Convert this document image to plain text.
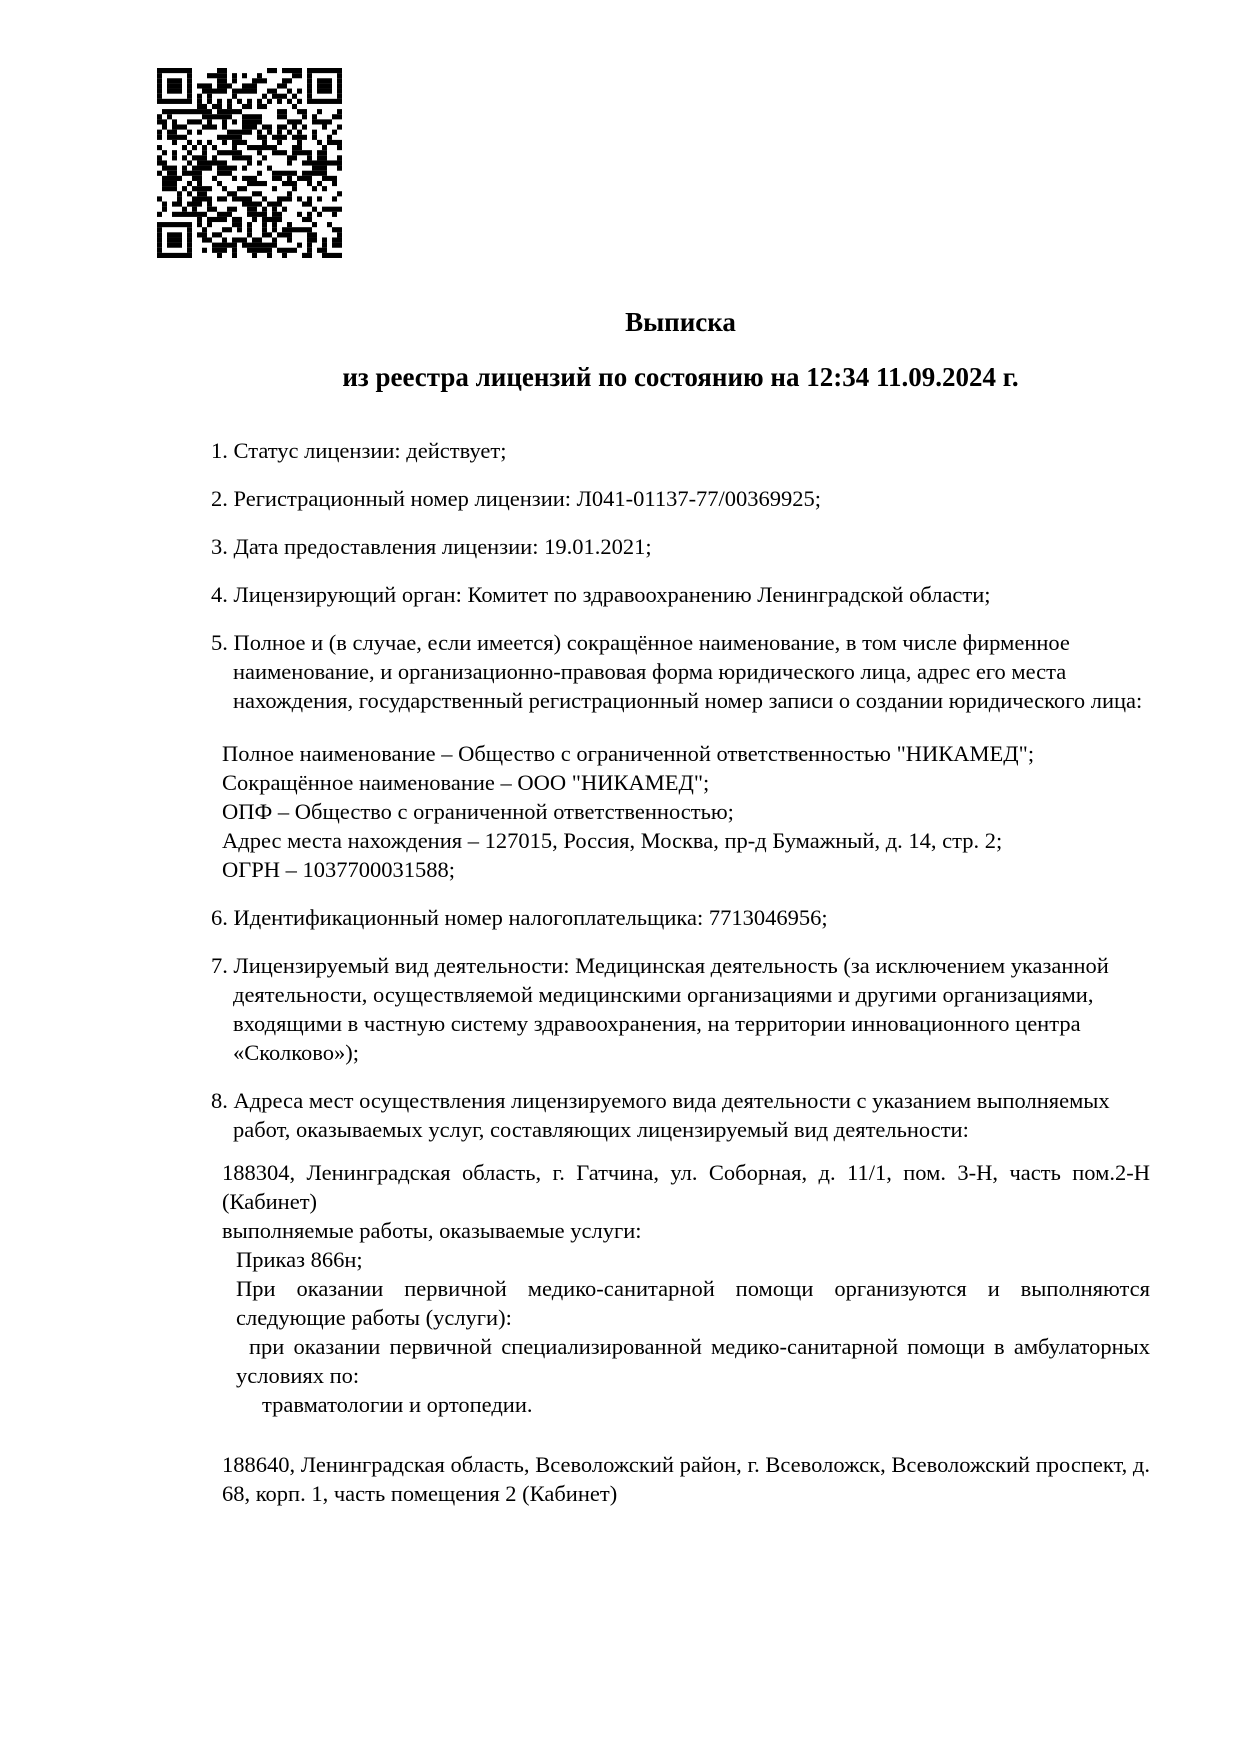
Выписка

из реестра лицензий по состоянию на 12:34 11.09.2024 г.

1. Статус лицензии: действует;

2. Регистрационный номер лицензии: Л041-01137-77/00369925;

3. Дата предоставления лицензии: 19.01.2021;

4. Лицензирующий орган: Комитет по здравоохранению Ленинградской области;

5. Полное и (в случае, если имеется) сокращённое наименование, в том числе фирменное наименование, и организационно-правовая форма юридического лица, адрес его места нахождения, государственный регистрационный номер записи о создании юридического лица:

Полное наименование – Общество с ограниченной ответственностью "НИКАМЕД";

Сокращённое наименование – ООО "НИКАМЕД";

ОПФ – Общество с ограниченной ответственностью;

Адрес места нахождения – 127015, Россия, Москва, пр-д Бумажный, д. 14, стр. 2;

ОГРН – 1037700031588;

6. Идентификационный номер налогоплательщика: 7713046956;

7. Лицензируемый вид деятельности: Медицинская деятельность (за исключением указанной деятельности, осуществляемой медицинскими организациями и другими организациями, входящими в частную систему здравоохранения, на территории инновационного центра «Сколково»);

8. Адреса мест осуществления лицензируемого вида деятельности с указанием выполняемых работ, оказываемых услуг, составляющих лицензируемый вид деятельности:

188304, Ленинградская область, г. Гатчина, ул. Соборная, д. 11/1, пом. 3-Н, часть пом.2-Н (Кабинет)

выполняемые работы, оказываемые услуги:

Приказ 866н;

При оказании первичной медико-санитарной помощи организуются и выполняются следующие работы (услуги):

при оказании первичной специализированной медико-санитарной помощи в амбулаторных условиях по:

травматологии и ортопедии.

188640, Ленинградская область, Всеволожский район, г. Всеволожск, Всеволожский проспект, д. 68, корп. 1, часть помещения 2 (Кабинет)
